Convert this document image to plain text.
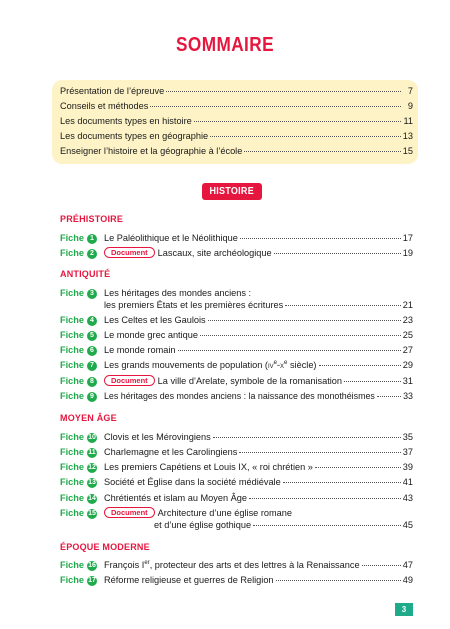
SOMMAIRE
Présentation de l’épreuve	7
Conseils et méthodes	9
Les documents types en histoire	11
Les documents types en géographie	13
Enseigner l’histoire et la géographie à l’école	15
HISTOIRE
PRÉHISTOIRE
Fiche 1	Le Paléolithique et le Néolithique	17
Fiche 2	Document Lascaux, site archéologique	19
ANTIQUITÉ
Fiche 3	Les héritages des mondes anciens :
les premiers États et les premières écritures	21
Fiche 4	Les Celtes et les Gaulois	23
Fiche 5	Le monde grec antique	25
Fiche 6	Le monde romain	27
Fiche 7	Les grands mouvements de population ($iv^e-x^e$ siècle)	29
Fiche 8	Document La ville d’Arelate, symbole de la romanisation	31
Fiche 9	Les héritages des mondes anciens : la naissance des monothéismes	33
MOYEN ÂGE
Fiche 10 Clovis et les Mérovingiens	35
Fiche 11 Charlemagne et les Carolingiens	37
Fiche 12 Les premiers Capétiens et Louis IX, « roi chrétien »	39
Fiche 13 Société et Église dans la société médiévale	41
Fiche 14 Chrétientés et islam au Moyen Âge	43
Fiche 15	Document Architecture d’une église romane
et d’une église gothique	45
ÉPOQUE MODERNE
Fiche 16 François Ier, protecteur des arts et des lettres à la Renaissance	47
Fiche 17 Réforme religieuse et guerres de Religion	49
3
